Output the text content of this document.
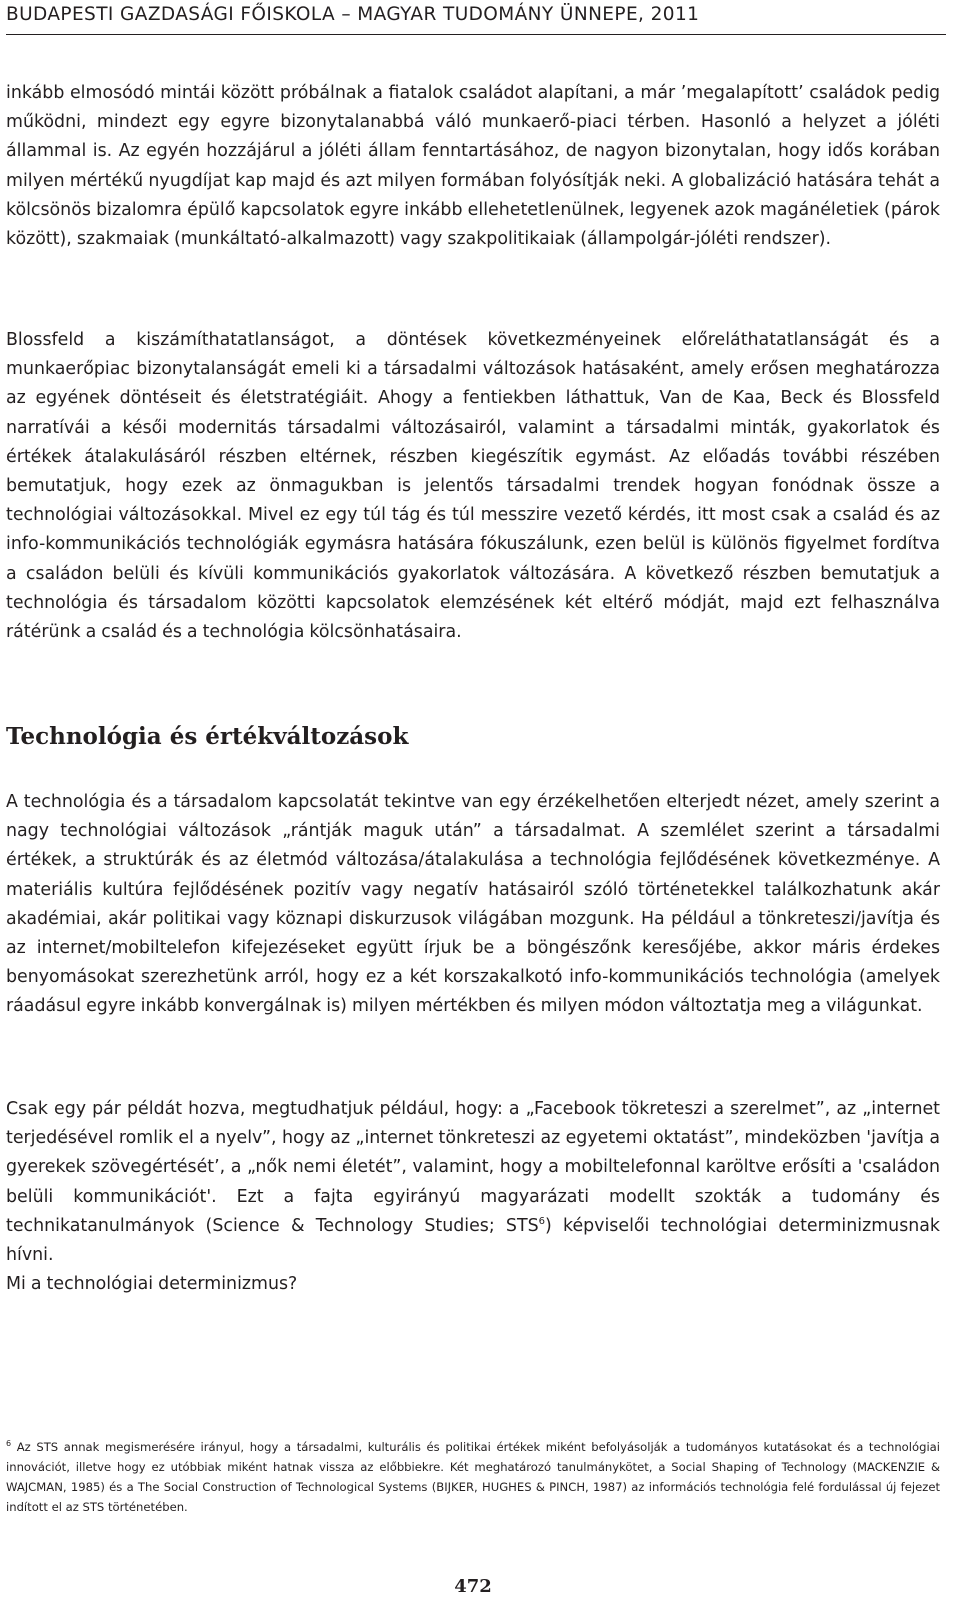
BUDAPESTI GAZDASÁGI FŐISKOLA – MAGYAR TUDOMÁNY ÜNNEPE, 2011

inkább elmosódó mintái között próbálnak a fiatalok családot alapítani, a már ’megalapított’ családok pedig működni, mindezt egy egyre bizonytalanabbá váló munkaerő-piaci térben. Hasonló a helyzet a jóléti állammal is. Az egyén hozzájárul a jóléti állam fenntartásához, de nagyon bizonytalan, hogy idős korában milyen mértékű nyugdíjat kap majd és azt milyen formában folyósítják neki. A globalizáció hatására tehát a kölcsönös bizalomra épülő kapcsolatok egyre inkább ellehetetlenülnek, legyenek azok magánéletiek (párok között), szakmaiak (munkáltató-alkalmazott) vagy szakpolitikaiak (állampolgár-jóléti rendszer).

Blossfeld a kiszámíthatatlanságot, a döntések következményeinek előreláthatatlanságát és a munkaerőpiac bizonytalanságát emeli ki a társadalmi változások hatásaként, amely erősen meghatározza az egyének döntéseit és életstratégiáit. Ahogy a fentiekben láthattuk, Van de Kaa, Beck és Blossfeld narratívái a késői modernitás társadalmi változásairól, valamint a társadalmi minták, gyakorlatok és értékek átalakulásáról részben eltérnek, részben kiegészítik egymást. Az előadás további részében bemutatjuk, hogy ezek az önmagukban is jelentős társadalmi trendek hogyan fonódnak össze a technológiai változásokkal. Mivel ez egy túl tág és túl messzire vezető kérdés, itt most csak a család és az info-kommunikációs technológiák egymásra hatására fókuszálunk, ezen belül is különös figyelmet fordítva a családon belüli és kívüli kommunikációs gyakorlatok változására. A következő részben bemutatjuk a technológia és társadalom közötti kapcsolatok elemzésének két eltérő módját, majd ezt felhasználva rátérünk a család és a technológia kölcsönhatásaira.

Technológia és értékváltozások

A technológia és a társadalom kapcsolatát tekintve van egy érzékelhetően elterjedt nézet, amely szerint a nagy technológiai változások „rántják maguk után” a társadalmat. A szemlélet szerint a társadalmi értékek, a struktúrák és az életmód változása/átalakulása a technológia fejlődésének következménye. A materiális kultúra fejlődésének pozitív vagy negatív hatásairól szóló történetekkel találkozhatunk akár akadémiai, akár politikai vagy köznapi diskurzusok világában mozgunk. Ha például a tönkreteszi/javítja és az internet/mobiltelefon kifejezéseket együtt írjuk be a böngészőnk keresőjébe, akkor máris érdekes benyomásokat szerezhetünk arról, hogy ez a két korszakalkotó info-kommunikációs technológia (amelyek ráadásul egyre inkább konvergálnak is) milyen mértékben és milyen módon változtatja meg a világunkat.

Csak egy pár példát hozva, megtudhatjuk például, hogy: a „Facebook tökreteszi a szerelmet”, az „internet terjedésével romlik el a nyelv”, hogy az „internet tönkreteszi az egyetemi oktatást”, mindeközben 'javítja a gyerekek szövegértését’, a „nők nemi életét”, valamint, hogy a mobiltelefonnal karöltve erősíti a 'családon belüli kommunikációt'. Ezt a fajta egyirányú magyarázati modellt szokták a tudomány és technikatanulmányok (Science & Technology Studies; STS$^6$) képviselői technológiai determinizmusnak hívni.
Mi a technológiai determinizmus?

$^6$ Az STS annak megismerésére irányul, hogy a társadalmi, kulturális és politikai értékek miként befolyásolják a tudományos kutatásokat és a technológiai innovációt, illetve hogy ez utóbbiak miként hatnak vissza az előbbiekre. Két meghatározó tanulmánykötet, a Social Shaping of Technology (MACKENZIE & WAJCMAN, 1985) és a The Social Construction of Technological Systems (BIJKER, HUGHES & PINCH, 1987) az információs technológia felé fordulással új fejezet indított el az STS történetében.

472
